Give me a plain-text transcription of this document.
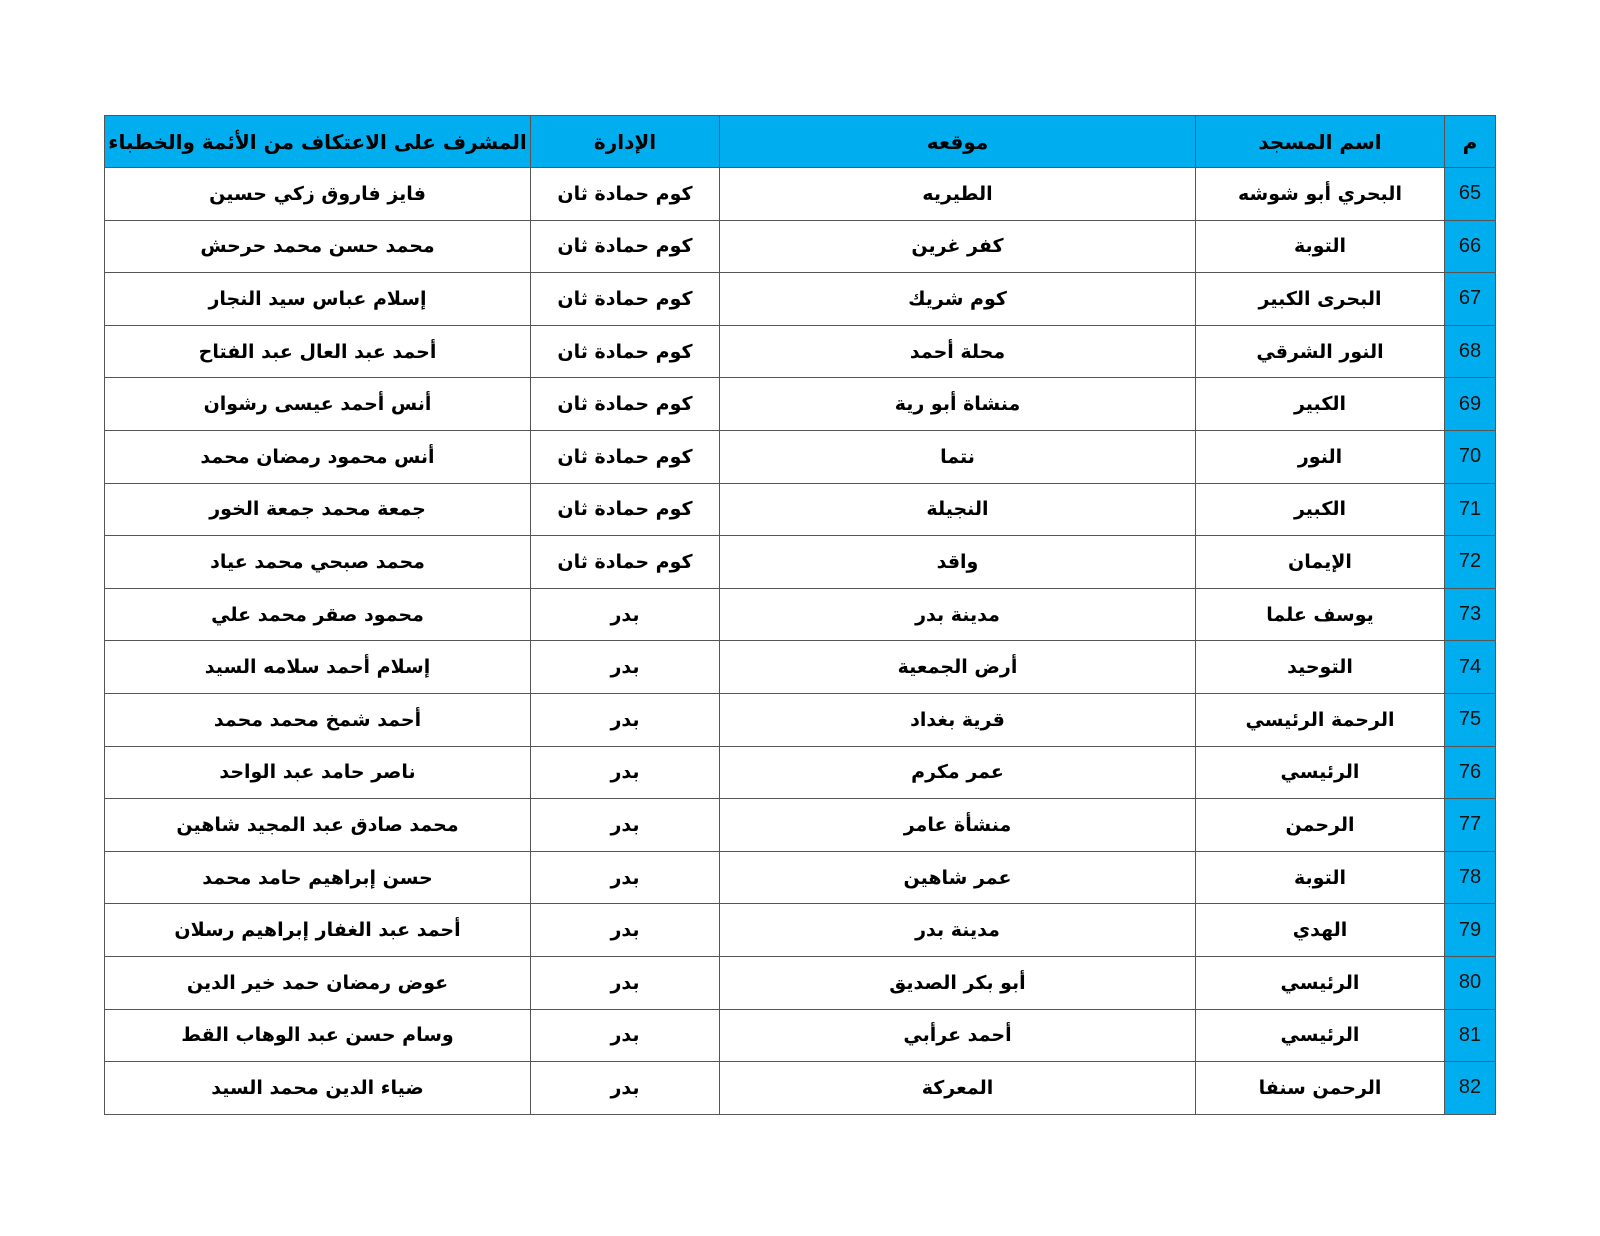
م	اسم المسجد	موقعه	الإدارة	المشرف على الاعتكاف من الأئمة والخطباء
65	البحري أبو شوشه	الطيريه	كوم حمادة ثان	فايز فاروق زكي حسين
66	التوبة	كفر غرين	كوم حمادة ثان	محمد حسن محمد حرحش
67	البحرى الكبير	كوم شريك	كوم حمادة ثان	إسلام عباس سيد النجار
68	النور الشرقي	محلة أحمد	كوم حمادة ثان	أحمد عبد العال عبد الفتاح
69	الكبير	منشاة أبو رية	كوم حمادة ثان	أنس أحمد عيسى رشوان
70	النور	نتما	كوم حمادة ثان	أنس محمود رمضان محمد
71	الكبير	النجيلة	كوم حمادة ثان	جمعة محمد جمعة الخور
72	الإيمان	واقد	كوم حمادة ثان	محمد صبحي محمد عياد
73	يوسف علما	مدينة بدر	بدر	محمود صقر محمد علي
74	التوحيد	أرض الجمعية	بدر	إسلام أحمد سلامه السيد
75	الرحمة الرئيسي	قرية بغداد	بدر	أحمد شمخ محمد محمد
76	الرئيسي	عمر مكرم	بدر	ناصر حامد عبد الواحد
77	الرحمن	منشأة عامر	بدر	محمد صادق عبد المجيد شاهين
78	التوبة	عمر شاهين	بدر	حسن إبراهيم حامد محمد
79	الهدي	مدينة بدر	بدر	أحمد عبد الغفار إبراهيم رسلان
80	الرئيسي	أبو بكر الصديق	بدر	عوض رمضان حمد خير الدين
81	الرئيسي	أحمد عرأبي	بدر	وسام حسن عبد الوهاب القط
82	الرحمن سنفا	المعركة	بدر	ضياء الدين محمد السيد
